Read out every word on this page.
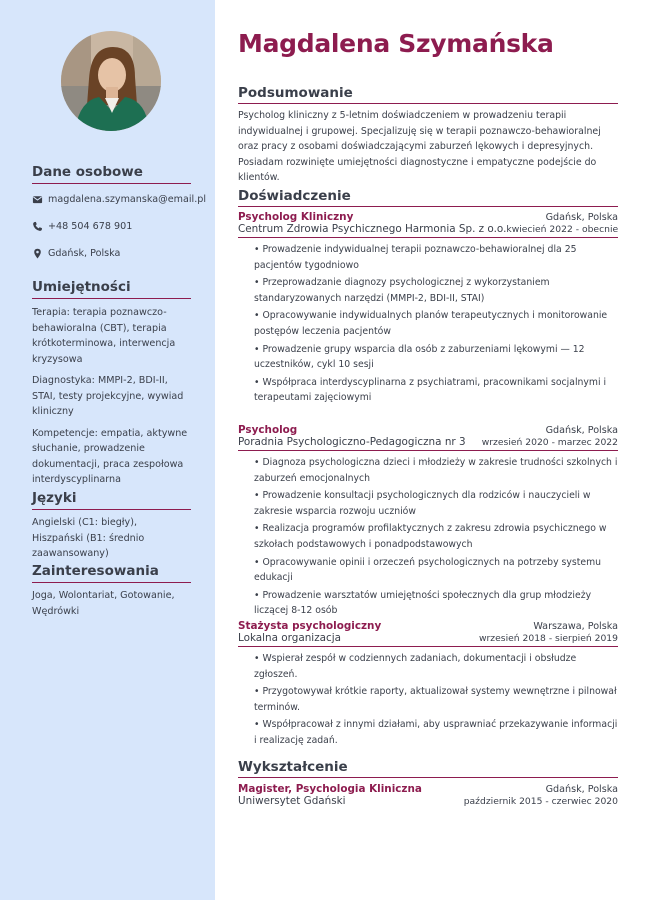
Dane osobowe
magdalena.szymanska@email.pl
+48 504 678 901
Gdańsk, Polska
Umiejętności
Terapia: terapia poznawczo-behawioralna (CBT), terapia krótkoterminowa, interwencja kryzysowa
Diagnostyka: MMPI-2, BDI-II, STAI, testy projekcyjne, wywiad kliniczny
Kompetencje: empatia, aktywne słuchanie, prowadzenie dokumentacji, praca zespołowa interdyscyplinarna
Języki
Angielski (C1: biegły), Hiszpański (B1: średnio zaawansowany)
Zainteresowania
Joga, Wolontariat, Gotowanie, Wędrówki
Magdalena Szymańska
Podsumowanie
Psycholog kliniczny z 5-letnim doświadczeniem w prowadzeniu terapii indywidualnej i grupowej. Specjalizuję się w terapii poznawczo-behawioralnej oraz pracy z osobami doświadczającymi zaburzeń lękowych i depresyjnych. Posiadam rozwinięte umiejętności diagnostyczne i empatyczne podejście do klientów.
Doświadczenie
Psycholog Kliniczny	Gdańsk, Polska
Centrum Zdrowia Psychicznego Harmonia Sp. z o.o. kwiecień 2022 - obecnie
• Prowadzenie indywidualnej terapii poznawczo-behawioralnej dla 25 pacjentów tygodniowo
• Przeprowadzanie diagnozy psychologicznej z wykorzystaniem standaryzowanych narzędzi (MMPI-2, BDI-II, STAI)
• Opracowywanie indywidualnych planów terapeutycznych i monitorowanie postępów leczenia pacjentów
• Prowadzenie grupy wsparcia dla osób z zaburzeniami lękowymi — 12 uczestników, cykl 10 sesji
• Współpraca interdyscyplinarna z psychiatrami, pracownikami socjalnymi i terapeutami zajęciowymi
Psycholog	Gdańsk, Polska
Poradnia Psychologiczno-Pedagogiczna nr 3 wrzesień 2020 - marzec 2022
• Diagnoza psychologiczna dzieci i młodzieży w zakresie trudności szkolnych i zaburzeń emocjonalnych
• Prowadzenie konsultacji psychologicznych dla rodziców i nauczycieli w zakresie wsparcia rozwoju uczniów
• Realizacja programów profilaktycznych z zakresu zdrowia psychicznego w szkołach podstawowych i ponadpodstawowych
• Opracowywanie opinii i orzeczeń psychologicznych na potrzeby systemu edukacji
• Prowadzenie warsztatów umiejętności społecznych dla grup młodzieży liczącej 8-12 osób
Stażysta psychologiczny	Warszawa, Polska
Lokalna organizacja	wrzesień 2018 - sierpień 2019
• Wspierał zespół w codziennych zadaniach, dokumentacji i obsłudze zgłoszeń.
• Przygotowywał krótkie raporty, aktualizował systemy wewnętrzne i pilnował terminów.
• Współpracował z innymi działami, aby usprawniać przekazywanie informacji i realizację zadań.
Wykształcenie
Magister, Psychologia Kliniczna	Gdańsk, Polska
Uniwersytet Gdański	październik 2015 - czerwiec 2020
